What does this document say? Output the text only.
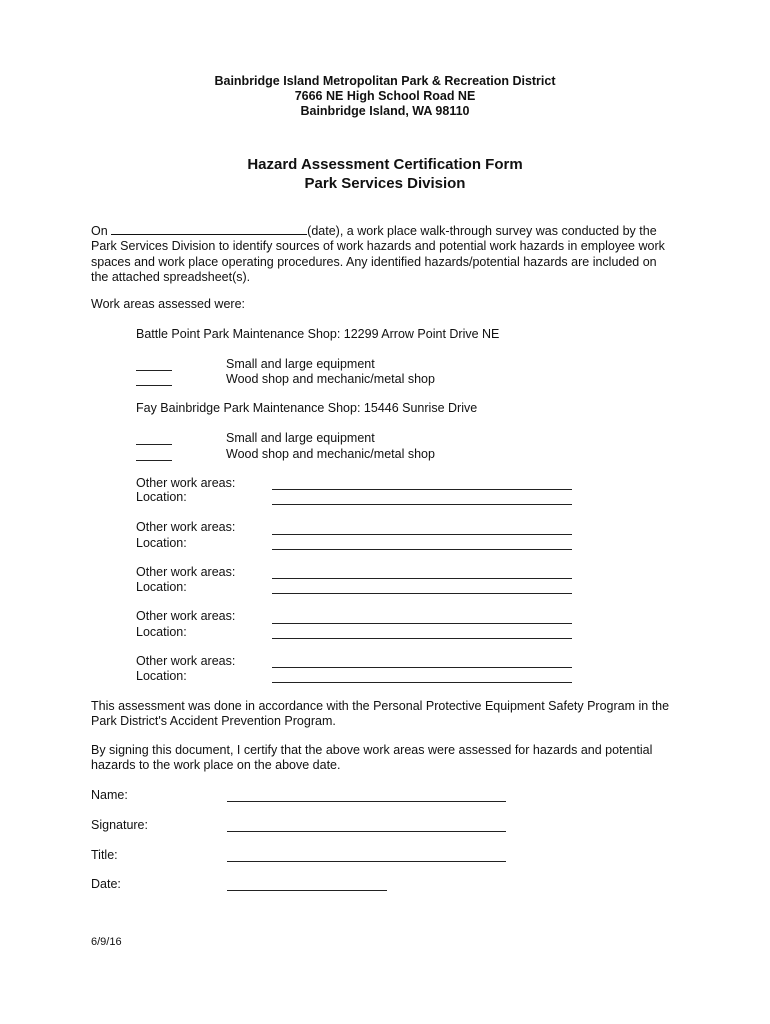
Bainbridge Island Metropolitan Park & Recreation District
7666 NE High School Road NE
Bainbridge Island, WA 98110
Hazard Assessment Certification Form
Park Services Division
On	(date), a work place walk-through survey was conducted by the
Park Services Division to identify sources of work hazards and potential work hazards in employee work
spaces and work place operating procedures. Any identified hazards/potential hazards are included on
the attached spreadsheet(s).
Work areas assessed were:
Battle Point Park Maintenance Shop: 12299 Arrow Point Drive NE
Small and large equipment
Wood shop and mechanic/metal shop
Fay Bainbridge Park Maintenance Shop: 15446 Sunrise Drive
Small and large equipment
Wood shop and mechanic/metal shop
Other work areas:
Location:
Other work areas:
Location:
Other work areas:
Location:
Other work areas:
Location:
Other work areas:
Location:
This assessment was done in accordance with the Personal Protective Equipment Safety Program in the
Park District's Accident Prevention Program.
By signing this document, I certify that the above work areas were assessed for hazards and potential
hazards to the work place on the above date.
Name:
Signature:
Title:
Date:
6/9/16
